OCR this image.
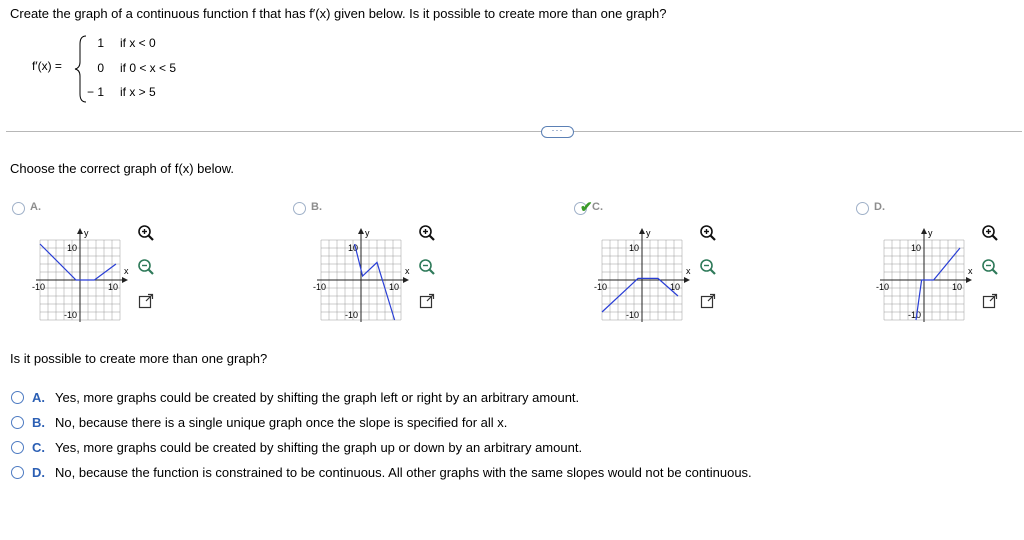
Create the graph of a continuous function f that has f′(x) given below. Is it possible to create more than one graph?
f′(x) =
1 if x < 0
0 if 0 < x < 5
− 1 if x > 5
···
Choose the correct graph of f(x) below.
A.
y
x
10
-10
-10	10
B.
y
x
10
-10
-10	10
✔ C.
y
x
10
-10
-10	10
D.
y
x
10
-10
-10	10
Is it possible to create more than one graph?
A. Yes, more graphs could be created by shifting the graph left or right by an arbitrary amount.
B. No, because there is a single unique graph once the slope is specified for all x.
C. Yes, more graphs could be created by shifting the graph up or down by an arbitrary amount.
D. No, because the function is constrained to be continuous. All other graphs with the same slopes would not be continuous.
